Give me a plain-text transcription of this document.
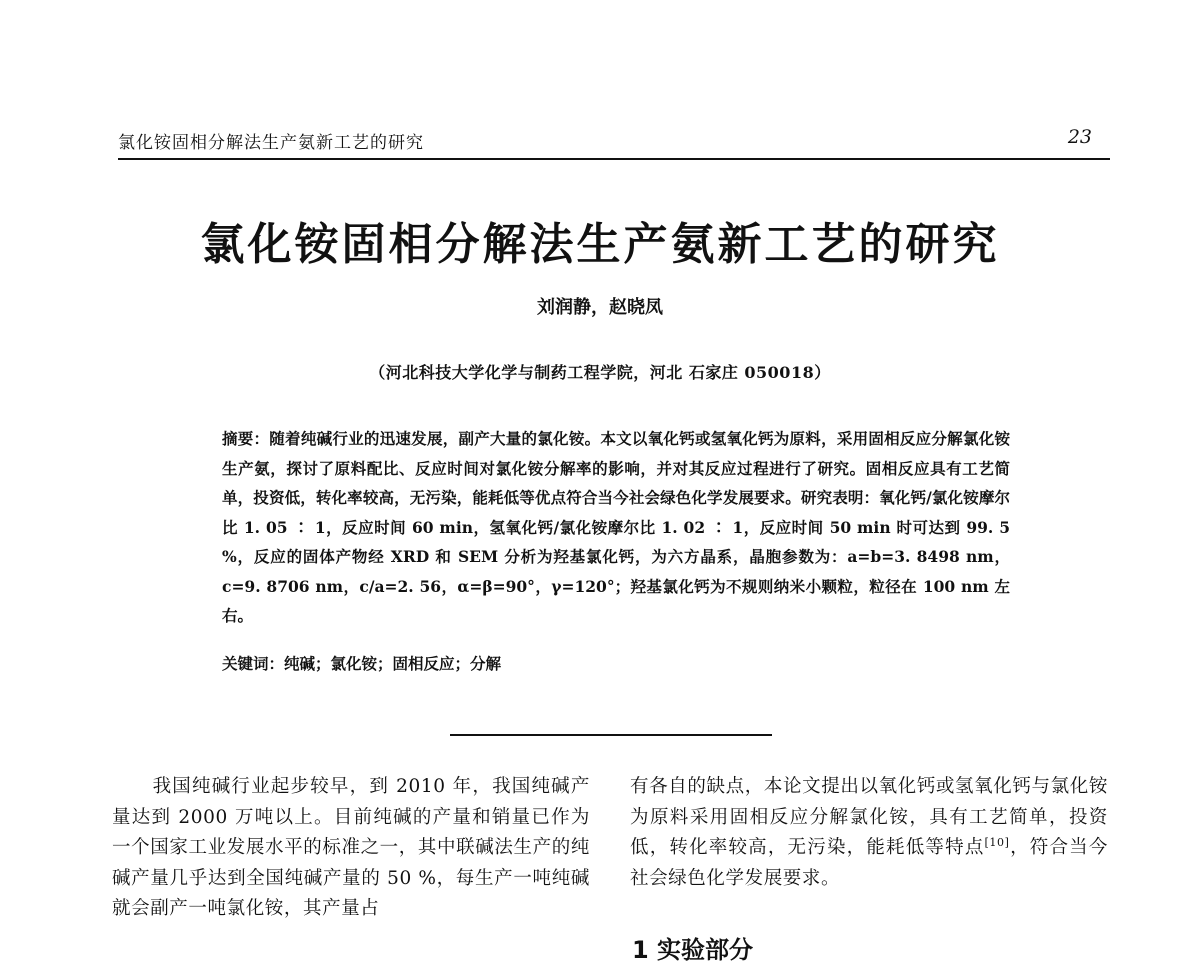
氯化铵固相分解法生产氨新工艺的研究	23
氯化铵固相分解法生产氨新工艺的研究
刘润静，赵晓凤
（河北科技大学化学与制药工程学院，河北 石家庄 050018）
摘要：随着纯碱行业的迅速发展，副产大量的氯化铵。本文以氧化钙或氢氧化钙为原料，采用固相反应分解氯化铵生产氨，探讨了原料配比、反应时间对氯化铵分解率的影响，并对其反应过程进行了研究。固相反应具有工艺简单，投资低，转化率较高，无污染，能耗低等优点符合当今社会绿色化学发展要求。研究表明：氧化钙/氯化铵摩尔比 1. 05 ∶ 1，反应时间 60 min，氢氧化钙/氯化铵摩尔比 1. 02 ∶ 1，反应时间 50 min 时可达到 99. 5 %，反应的固体产物经 XRD 和 SEM 分析为羟基氯化钙，为六方晶系，晶胞参数为：a=b=3. 8498 nm，c=9. 8706 nm，c/a=2. 56，α=β=90°，γ=120°；羟基氯化钙为不规则纳米小颗粒，粒径在 100 nm 左右。
关键词：纯碱；氯化铵；固相反应；分解
我国纯碱行业起步较早，到 2010 年，我国纯碱产量达到 2000 万吨以上。目前纯碱的产量和销量已作为一个国家工业发展水平的标准之一，其中联碱法生产的纯碱产量几乎达到全国纯碱产量的 50 %，每生产一吨纯碱就会副产一吨氯化铵，其产量占
有各自的缺点，本论文提出以氧化钙或氢氧化钙与氯化铵为原料采用固相反应分解氯化铵，具有工艺简单，投资低，转化率较高，无污染，能耗低等特点[10]，符合当今社会绿色化学发展要求。
1 实验部分
